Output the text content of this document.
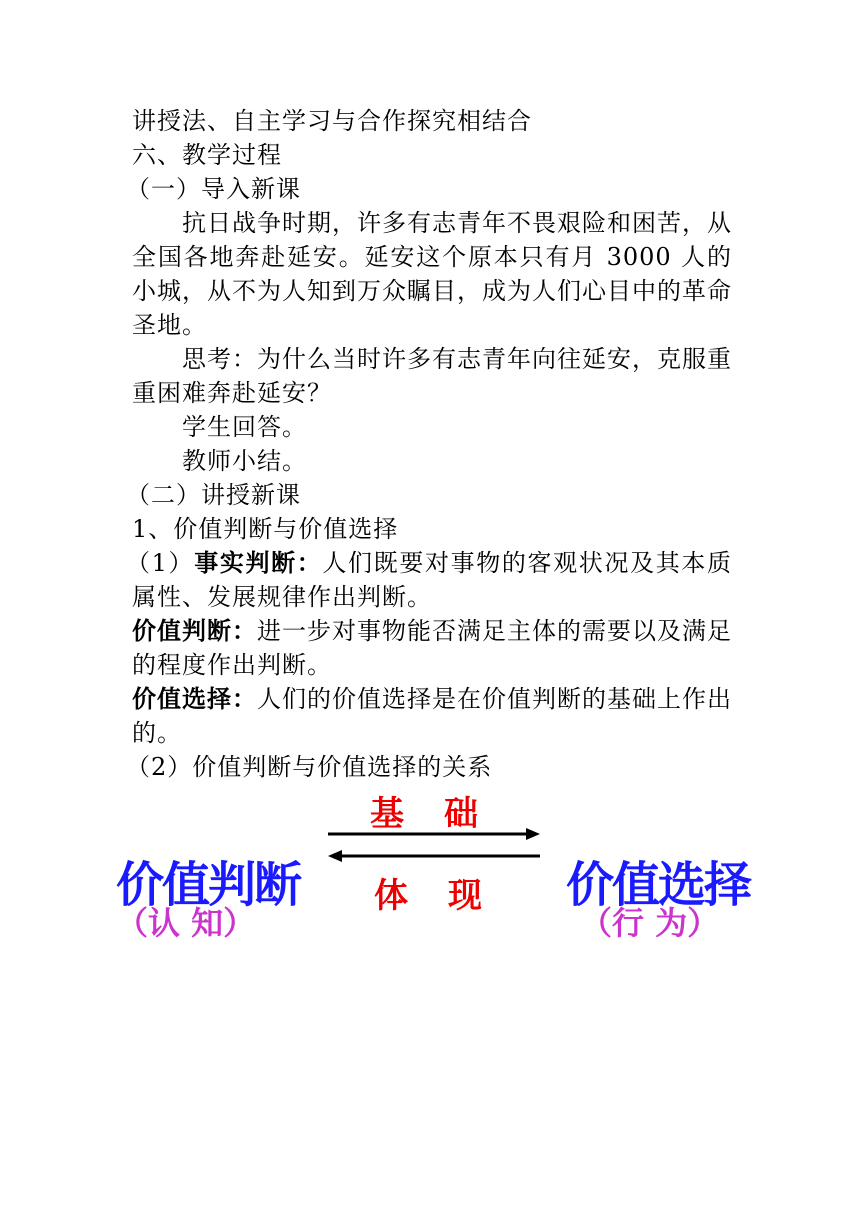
讲授法、自主学习与合作探究相结合
六、教学过程
（一）导入新课

抗日战争时期，许多有志青年不畏艰险和困苦，从全国各地奔赴延安。延安这个原本只有月 3000 人的小城，从不为人知到万众瞩目，成为人们心目中的革命圣地。

思考：为什么当时许多有志青年向往延安，克服重重困难奔赴延安？

学生回答。
教师小结。
（二）讲授新课
1、价值判断与价值选择

（1）事实判断：人们既要对事物的客观状况及其本质属性、发展规律作出判断。

价值判断：进一步对事物能否满足主体的需要以及满足的程度作出判断。

价值选择：人们的价值选择是在价值判断的基础上作出的。

（2）价值判断与价值选择的关系
价值判断
（认 知）
基础
体现 价值选择
（行 为）
